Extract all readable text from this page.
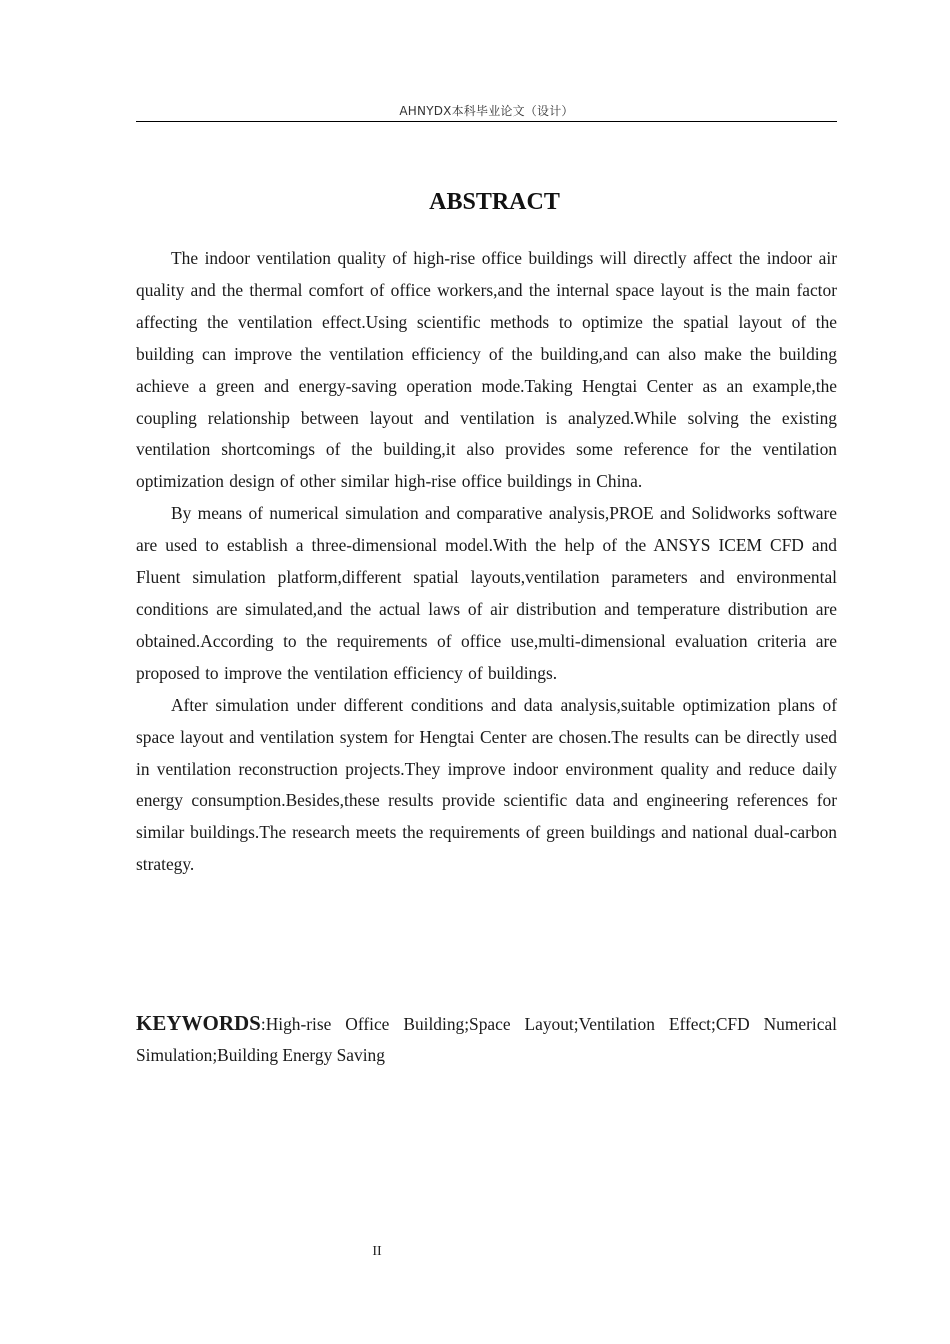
AHNYDX本科毕业论文（设计）
ABSTRACT

The indoor ventilation quality of high-rise office buildings will directly affect the indoor air quality and the thermal comfort of office workers,and the internal space layout is the main factor affecting the ventilation effect.Using scientific methods to optimize the spatial layout of the building can improve the ventilation efficiency of the building,and can also make the building achieve a green and energy-saving operation mode.Taking Hengtai Center as an example,the coupling relationship between layout and ventilation is analyzed.While solving the existing ventilation shortcomings of the building,it also provides some reference for the ventilation optimization design of other similar high-rise office buildings in China.

By means of numerical simulation and comparative analysis,PROE and Solidworks software are used to establish a three-dimensional model.With the help of the ANSYS ICEM CFD and Fluent simulation platform,different spatial layouts,ventilation parameters and environmental conditions are simulated,and the actual laws of air distribution and temperature distribution are obtained.According to the requirements of office use,multi-dimensional evaluation criteria are proposed to improve the ventilation efficiency of buildings.

After simulation under different conditions and data analysis,suitable optimization plans of space layout and ventilation system for Hengtai Center are chosen.The results can be directly used in ventilation reconstruction projects.They improve indoor environment quality and reduce daily energy consumption.Besides,these results provide scientific data and engineering references for similar buildings.The research meets the requirements of green buildings and national dual-carbon strategy.

KEYWORDS:High-rise Office Building;Space Layout;Ventilation Effect;CFD Numerical Simulation;Building Energy Saving

II
